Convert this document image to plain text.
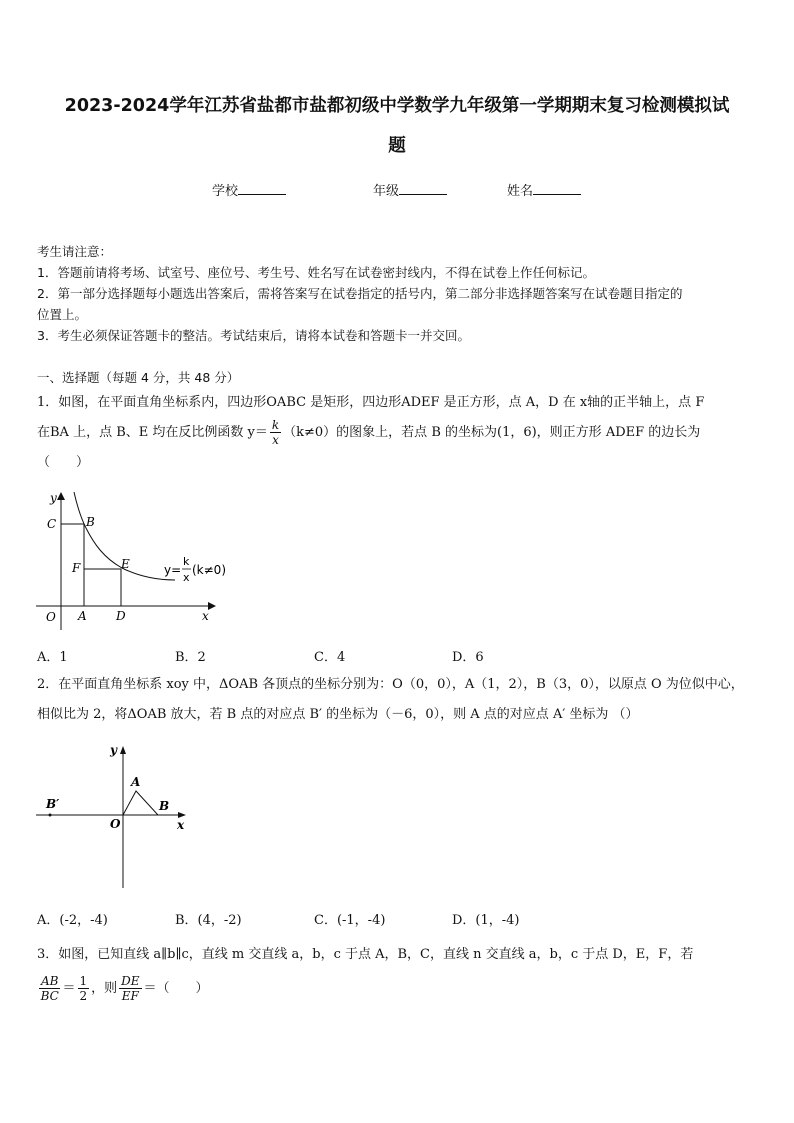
2023-2024学年江苏省盐都市盐都初级中学数学九年级第一学期期末复习检测模拟试
题
学校	年级	姓名
考生请注意：
1．答题前请将考场、试室号、座位号、考生号、姓名写在试卷密封线内，不得在试卷上作任何标记。
2．第一部分选择题每小题选出答案后，需将答案写在试卷指定的括号内，第二部分非选择题答案写在试卷题目指定的
位置上。
3．考生必须保证答题卡的整洁。考试结束后，请将本试卷和答题卡一并交回。
一、选择题（每题 4 分，共 48 分）
1．如图，在平面直角坐标系内，四边形OABC 是矩形，四边形ADEF 是正方形，点 A，D 在 x轴的正半轴上，点 F
在BA 上，点 B、E 均在反比例函数 $y= \frac{k}{x} (k\ne 0)$的图象上，若点 B 的坐标为(1，6)，则正方形 ADEF 的边长为
（　　）
y
x
O
C B
F	E
A D
y=
k
x
(k≠0)
A．1	B．2	C．4	D．6
2．在平面直角坐标系 xoy 中，ΔOAB 各顶点的坐标分别为：O（0，0），A（1，2），B（3，0），以原点 O 为位似中心，
相似比为 2，将ΔOAB 放大，若 B 点的对应点 B′ 的坐标为（－6，0），则 A 点的对应点 A′ 坐标为 （）
y
x
O
A
B
B′
A．(-2，-4)	B．(4，-2)	C．(-1，-4)	D．(1，-4)
3．如图，已知直线 a∥b∥c，直线 m 交直线 a，b，c 于点 A，B，C，直线 n 交直线 a，b，c 于点 D，E，F，若
$\frac{AB}{BC} = \frac{1}{2}$ ，则 $\frac{DE}{EF}$ ＝（　　）
